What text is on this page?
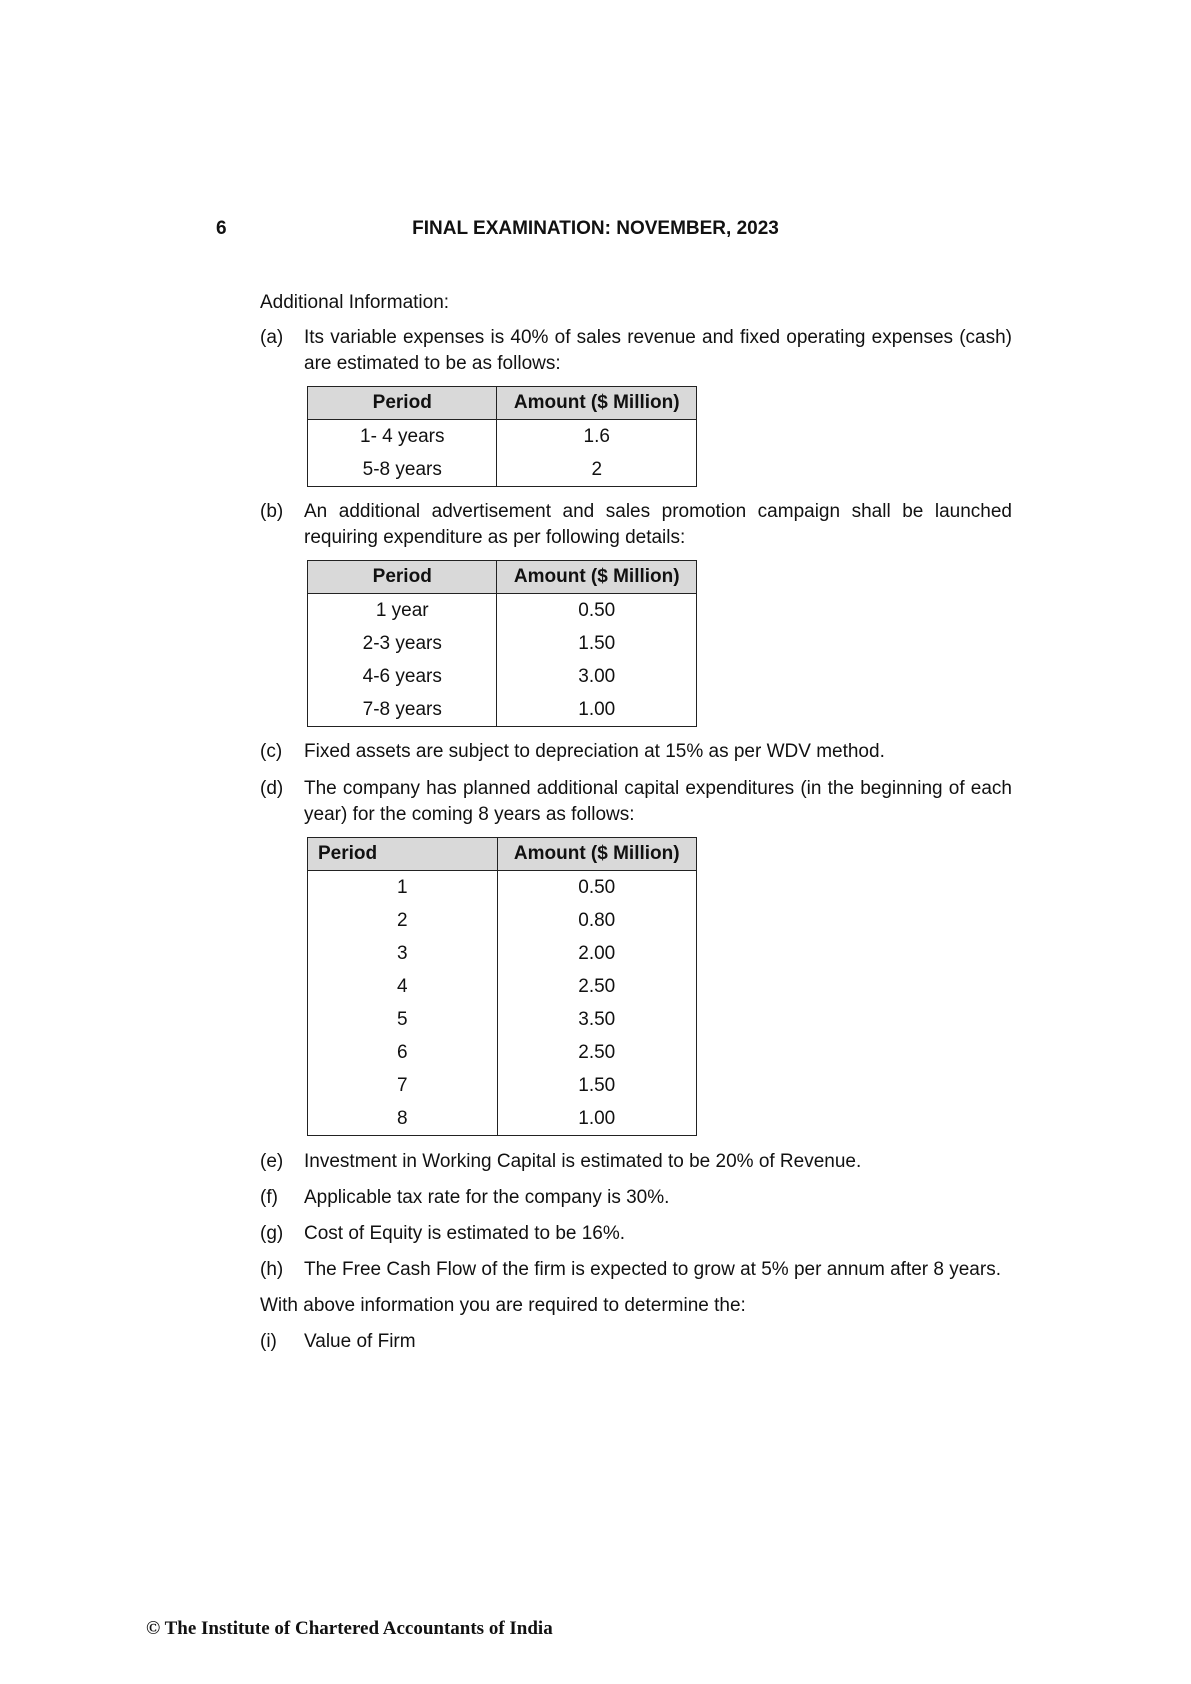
6	FINAL EXAMINATION: NOVEMBER, 2023

Additional Information:

(a) Its variable expenses is 40% of sales revenue and fixed operating expenses (cash) are estimated to be as follows:
Period	Amount ($ Million)
1- 4 years	1.6
5-8 years	2
(b) An additional advertisement and sales promotion campaign shall be launched requiring expenditure as per following details:
Period	Amount ($ Million)
1 year	0.50
2-3 years	1.50
4-6 years	3.00
7-8 years	1.00
(c) Fixed assets are subject to depreciation at 15% as per WDV method.
(d) The company has planned additional capital expenditures (in the beginning of each year) for the coming 8 years as follows:
Period	Amount ($ Million)
1	0.50
2	0.80
3	2.00
4	2.50
5	3.50
6	2.50
7	1.50
8	1.00
(e) Investment in Working Capital is estimated to be 20% of Revenue.
(f) Applicable tax rate for the company is 30%.
(g) Cost of Equity is estimated to be 16%.
(h) The Free Cash Flow of the firm is expected to grow at 5% per annum after 8 years.

With above information you are required to determine the:

(i) Value of Firm
© The Institute of Chartered Accountants of India
